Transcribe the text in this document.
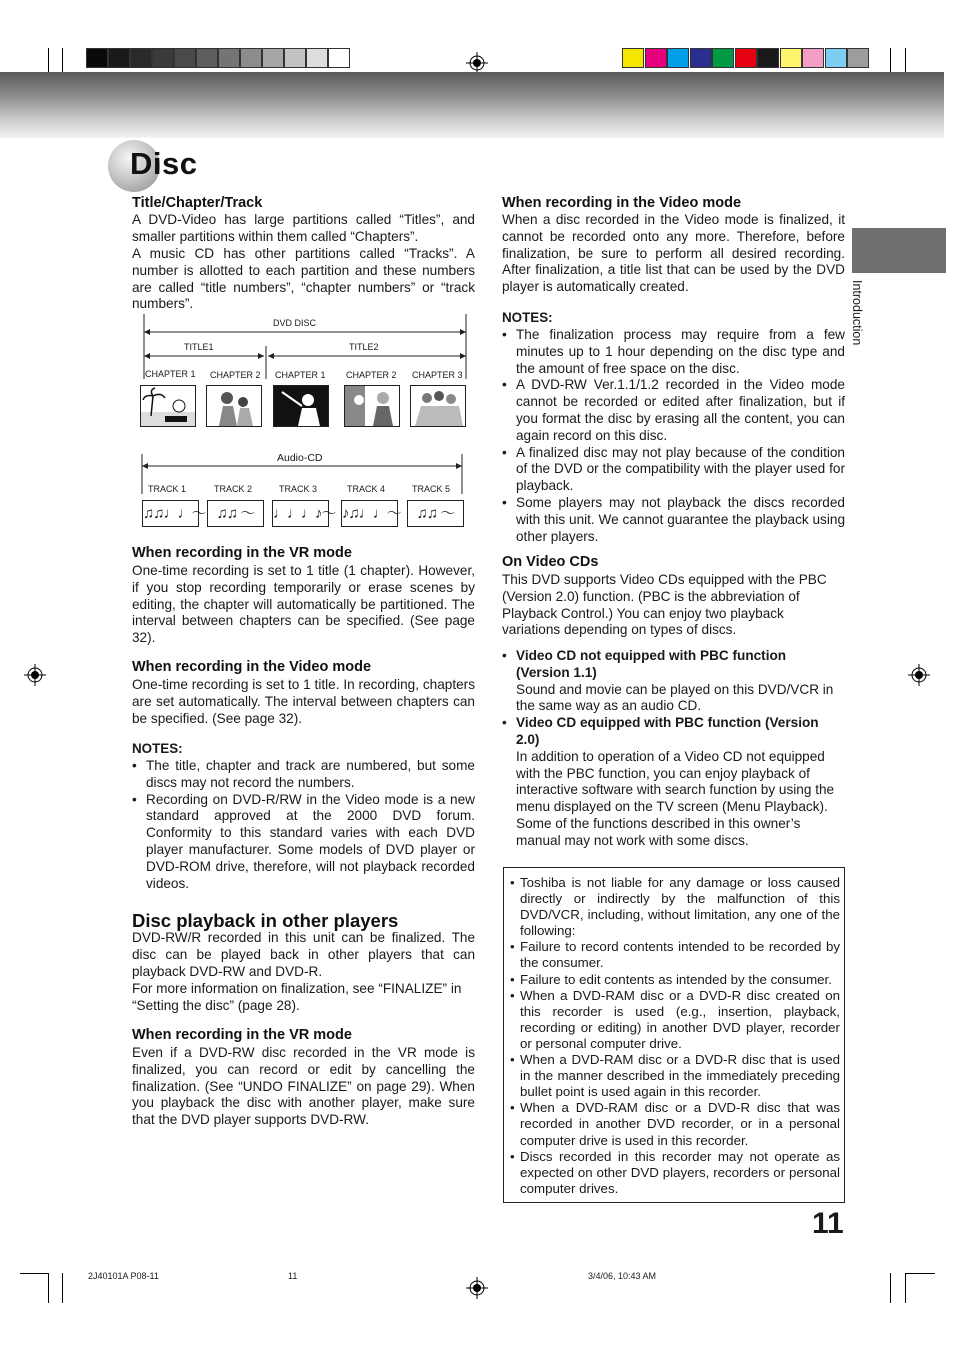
Disc
Introduction
Title/Chapter/Track
A DVD-Video has large partitions called “Titles”, and smaller partitions within them called “Chapters”.
A music CD has other partitions called “Tracks”. A number is allotted to each partition and these numbers are called “title numbers”, “chapter numbers” or “track numbers”.
DVD DISC
TITLE1	TITLE2
CHAPTER 1 CHAPTER 2 CHAPTER 1 CHAPTER 2 CHAPTER 3
Audio-CD
TRACK 1	TRACK 2	TRACK 3	TRACK 4	TRACK 5
♫♫♩♩〜 ♫♫ 〜	♩♩♩♪〜 ♪♫♩♩〜	♫♫ 〜
When recording in the VR mode
One-time recording is set to 1 title (1 chapter). However, if you stop recording temporarily or erase scenes by editing, the chapter will automatically be partitioned. The interval between chapters can be specified. (See page 32).
When recording in the Video mode
One-time recording is set to 1 title. In recording, chapters are set automatically. The interval between chapters can be specified. (See page 32).
NOTES:
• The title, chapter and track are numbered, but some discs may not record the numbers.
• Recording on DVD-R/RW in the Video mode is a new standard approved at the 2000 DVD forum. Conformity to this standard varies with each DVD player manufacturer. Some models of DVD player or DVD-ROM drive, therefore, will not playback recorded videos.
Disc playback in other players
DVD-RW/R recorded in this unit can be finalized. The disc can be played back in other players that can playback DVD-RW and DVD-R.
For more information on finalization, see “FINALIZE” in “Setting the disc” (page 28).
When recording in the VR mode
Even if a DVD-RW disc recorded in the VR mode is finalized, you can record or edit by cancelling the finalization. (See “UNDO FINALIZE” on page 29). When you playback the disc with another player, make sure that the DVD player supports DVD-RW.
When recording in the Video mode
When a disc recorded in the Video mode is finalized, it cannot be recorded onto any more. Therefore, before finalization, be sure to perform all desired recording. After finalization, a title list that can be used by the DVD player is automatically created.
NOTES:
• The finalization process may require from a few minutes up to 1 hour depending on the disc type and the amount of free space on the disc.
• A DVD-RW Ver.1.1/1.2 recorded in the Video mode cannot be recorded or edited after finalization, but if you format the disc by erasing all the content, you can again record on this disc.
• A finalized disc may not play because of the condition of the DVD or the compatibility with the player used for playback.
• Some players may not playback the discs recorded with this unit. We cannot guarantee the playback using other players.
On Video CDs
This DVD supports Video CDs equipped with the PBC (Version 2.0) function. (PBC is the abbreviation of Playback Control.) You can enjoy two playback variations depending on types of discs.
• Video CD not equipped with PBC function (Version 1.1)
Sound and movie can be played on this DVD/VCR in the same way as an audio CD.
• Video CD equipped with PBC function (Version 2.0)
In addition to operation of a Video CD not equipped with the PBC function, you can enjoy playback of interactive software with search function by using the menu displayed on the TV screen (Menu Playback). Some of the functions described in this owner’s manual may not work with some discs.
• Toshiba is not liable for any damage or loss caused directly or indirectly by the malfunction of this DVD/VCR, including, without limitation, any one of the following:
• Failure to record contents intended to be recorded by the consumer.
• Failure to edit contents as intended by the consumer.
• When a DVD-RAM disc or a DVD-R disc created on this recorder is used (e.g., insertion, playback, recording or editing) in another DVD player, recorder or personal computer drive.
• When a DVD-RAM disc or a DVD-R disc that is used in the manner described in the immediately preceding bullet point is used again in this recorder.
• When a DVD-RAM disc or a DVD-R disc that was recorded in another DVD recorder, or in a personal computer drive is used in this recorder.
• Discs recorded in this recorder may not operate as expected on other DVD players, recorders or personal computer drives.
11
2J40101A P08-11	11	3/4/06, 10:43 AM
